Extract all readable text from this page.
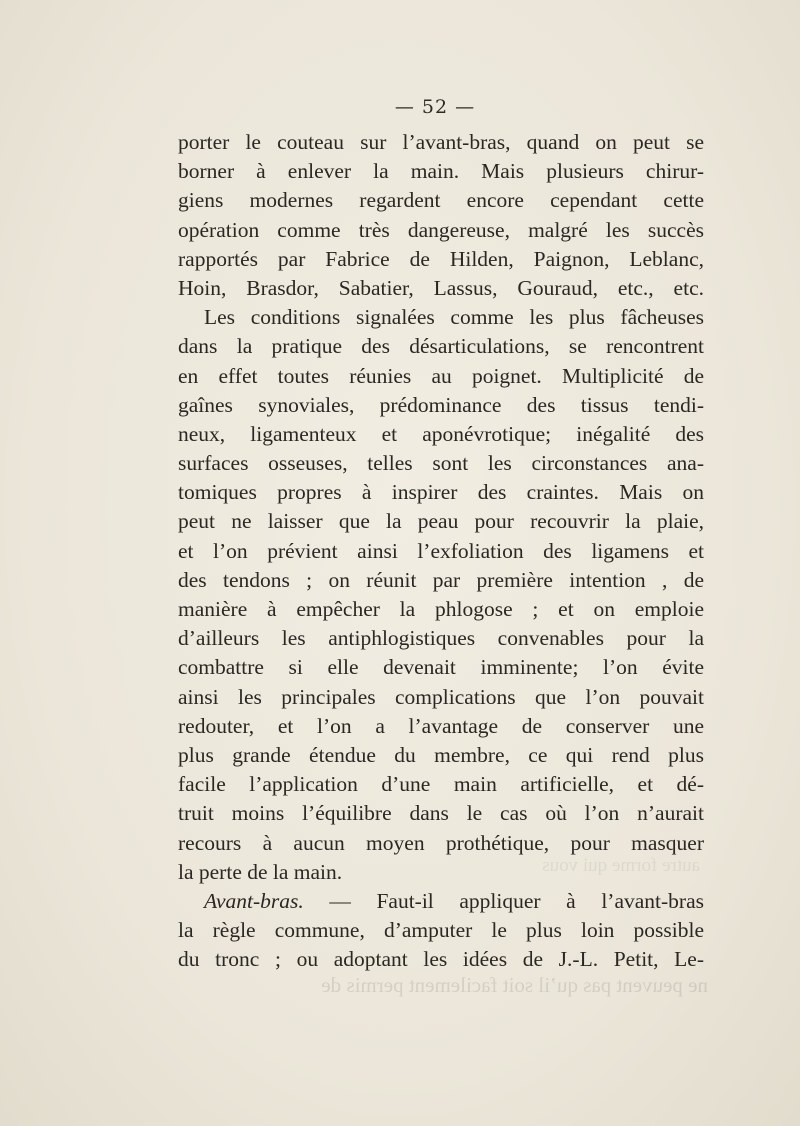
— 52 —
autre forme qui vous
porter le couteau sur l’avant-bras, quand on peut se
borner à enlever la main. Mais plusieurs chirur-
giens modernes regardent encore cependant cette
opération comme très dangereuse, malgré les succès
rapportés par Fabrice de Hilden, Paignon, Leblanc,
Hoin, Brasdor, Sabatier, Lassus, Gouraud, etc., etc.
Les conditions signalées comme les plus fâcheuses
dans la pratique des désarticulations, se rencontrent
en effet toutes réunies au poignet. Multiplicité de
gaînes synoviales, prédominance des tissus tendi-
neux, ligamenteux et aponévrotique; inégalité des
surfaces osseuses, telles sont les circonstances ana-
tomiques propres à inspirer des craintes. Mais on
peut ne laisser que la peau pour recouvrir la plaie,
et l’on prévient ainsi l’exfoliation des ligamens et
des tendons ; on réunit par première intention , de
manière à empêcher la phlogose ; et on emploie
d’ailleurs les antiphlogistiques convenables pour la
combattre si elle devenait imminente; l’on évite
ainsi les principales complications que l’on pouvait
redouter, et l’on a l’avantage de conserver une
plus grande étendue du membre, ce qui rend plus
facile l’application d’une main artificielle, et dé-
truit moins l’équilibre dans le cas où l’on n’aurait
recours à aucun moyen prothétique, pour masquer
la perte de la main.
Avant-bras. — Faut-il appliquer à l’avant-bras
la règle commune, d’amputer le plus loin possible
du tronc ; ou adoptant les idées de J.-L. Petit, Le-
ne peuvent pas qu’il soit facilement permis de
